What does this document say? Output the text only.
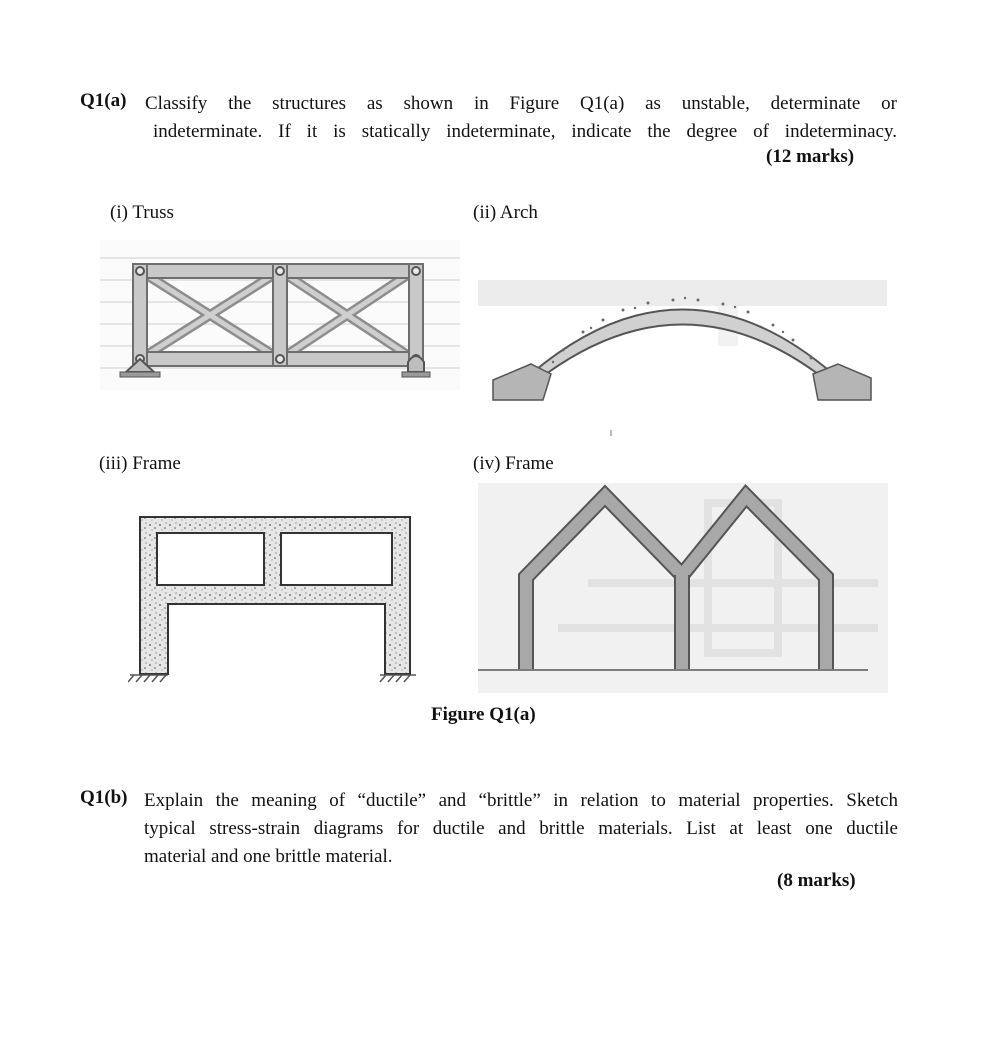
Q1(a) Classify the structures as shown in Figure Q1(a) as unstable, determinate or
indeterminate. If it is statically indeterminate, indicate the degree of indeterminacy.
(12 marks)
(i) Truss	(ii) Arch
(iii) Frame	(iv) Frame
Figure Q1(a)
Q1(b) Explain the meaning of “ductile” and “brittle” in relation to material properties. Sketch
typical stress-strain diagrams for ductile and brittle materials. List at least one ductile
material and one brittle material.
(8 marks)
